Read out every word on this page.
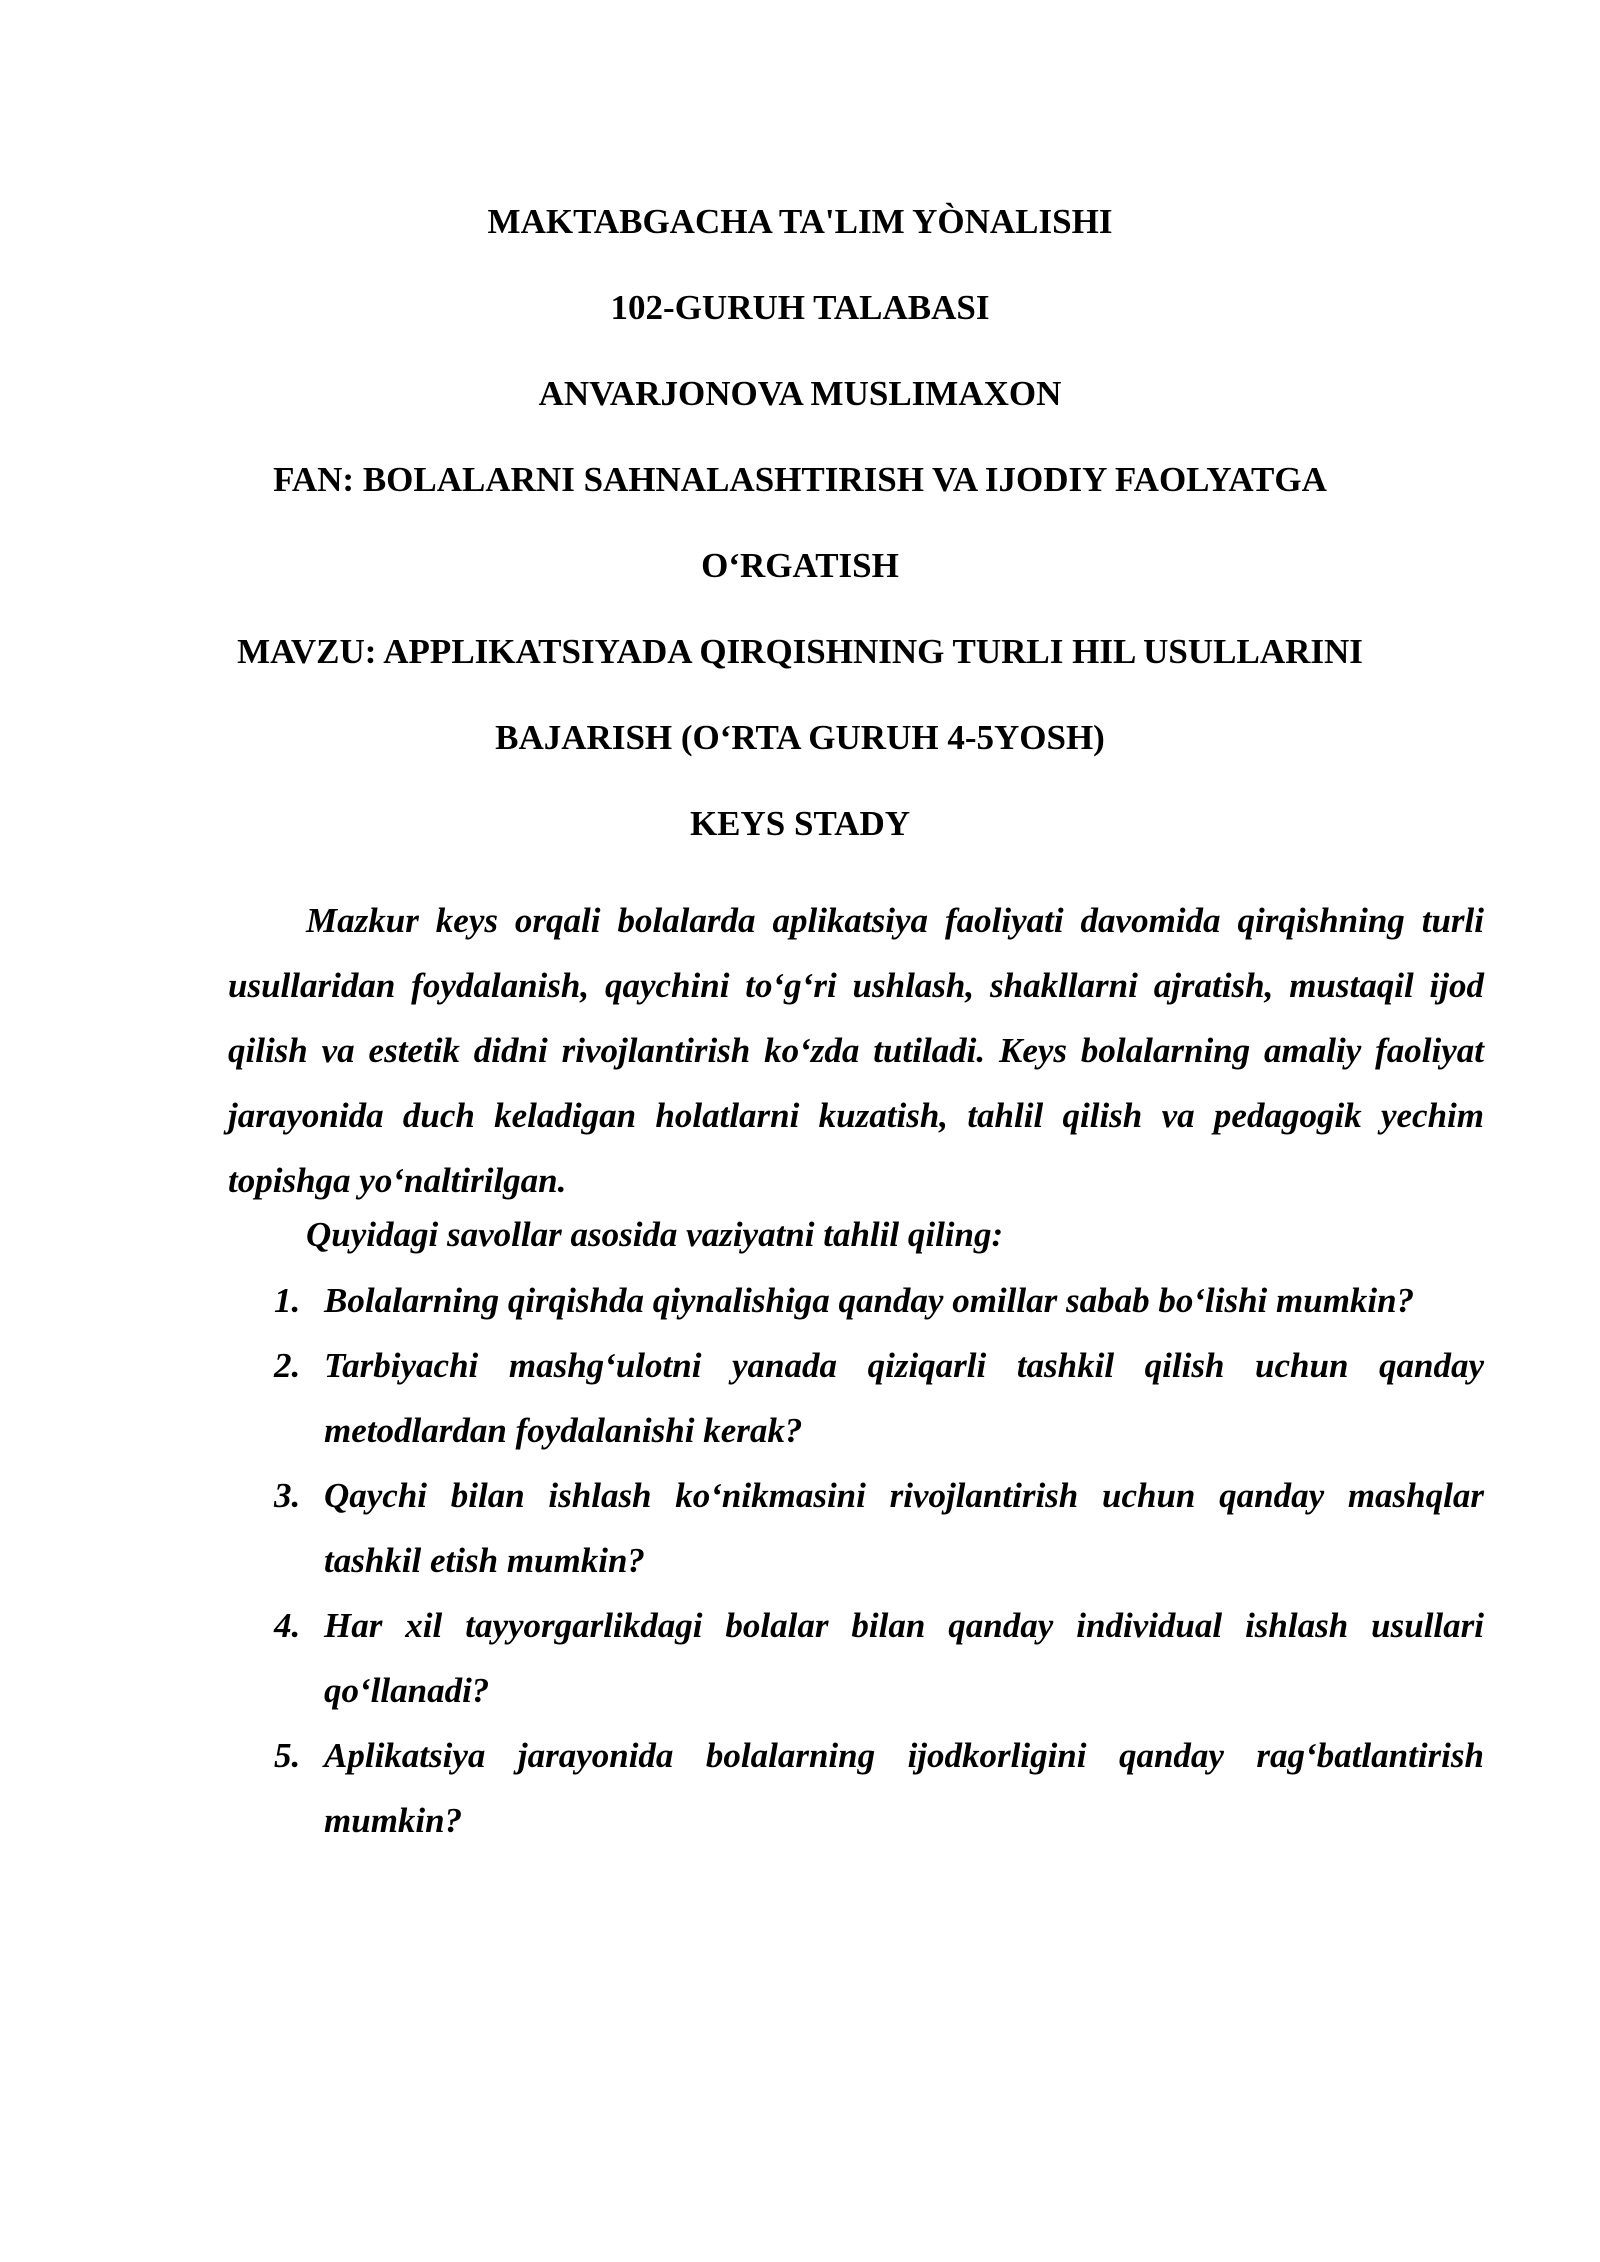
MAKTABGACHA TA'LIM YÒNALISHI
102-GURUH TALABASI
ANVARJONOVA MUSLIMAXON
FAN: BOLALARNI SAHNALASHTIRISH VA IJODIY FAOLYATGA
O‘RGATISH
MAVZU: APPLIKATSIYADA QIRQISHNING TURLI HIL USULLARINI
BAJARISH (O‘RTA GURUH 4-5YOSH)
KEYS STADY

Mazkur keys orqali bolalarda aplikatsiya faoliyati davomida qirqishning turli usullaridan foydalanish, qaychini to‘g‘ri ushlash, shakllarni ajratish, mustaqil ijod qilish va estetik didni rivojlantirish ko‘zda tutiladi. Keys bolalarning amaliy faoliyat jarayonida duch keladigan holatlarni kuzatish, tahlil qilish va pedagogik yechim topishga yo‘naltirilgan.

Quyidagi savollar asosida vaziyatni tahlil qiling:
1. Bolalarning qirqishda qiynalishiga qanday omillar sabab bo‘lishi mumkin?

2. Tarbiyachi mashg‘ulotni yanada qiziqarli tashkil qilish uchun qanday metodlardan foydalanishi kerak?

3. Qaychi bilan ishlash ko‘nikmasini rivojlantirish uchun qanday mashqlar tashkil etish mumkin?

4. Har xil tayyorgarlikdagi bolalar bilan qanday individual ishlash usullari qo‘llanadi?

5. Aplikatsiya jarayonida bolalarning ijodkorligini qanday rag‘batlantirish mumkin?
